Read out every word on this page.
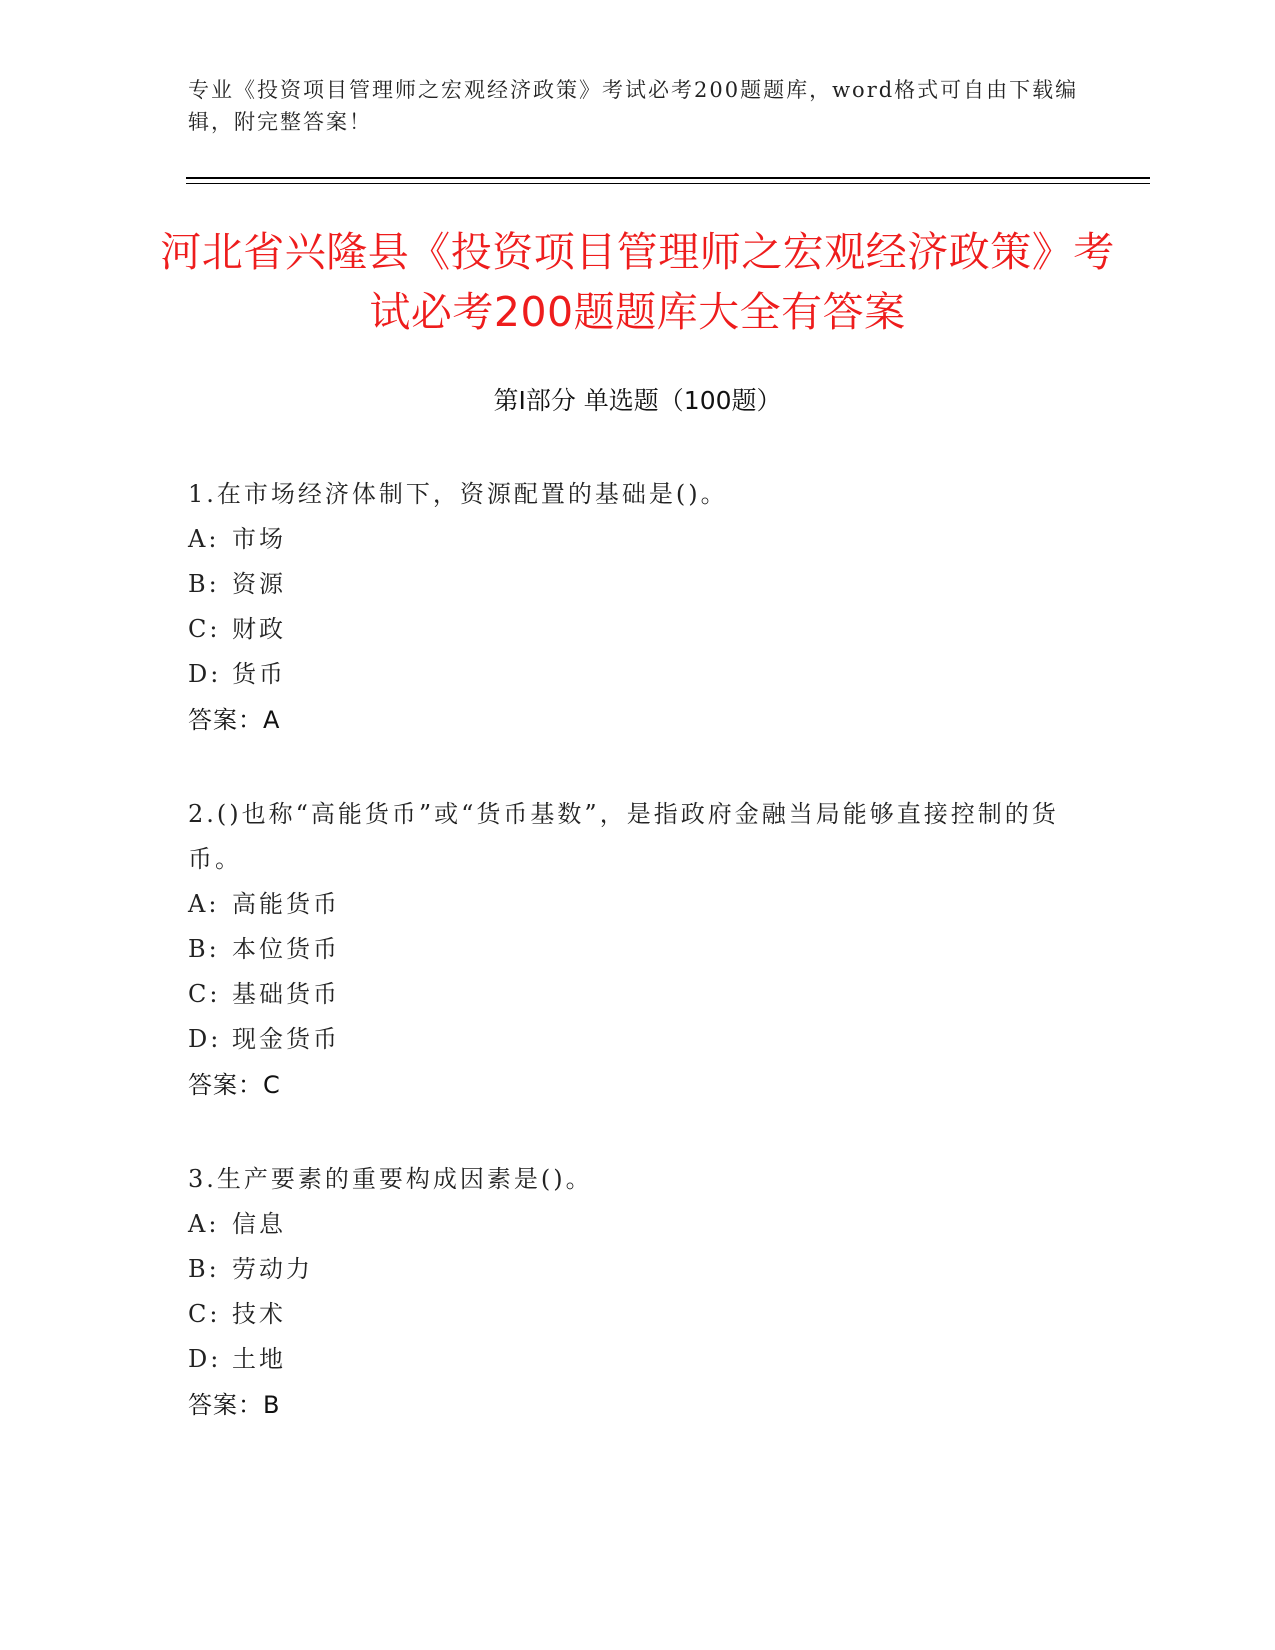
专业《投资项目管理师之宏观经济政策》考试必考200题题库，word格式可自由下载编辑，附完整答案！
河北省兴隆县《投资项目管理师之宏观经济政策》考试必考200题题库大全有答案
第Ⅰ部分 单选题（100题）

1.在市场经济体制下，资源配置的基础是()。

A: 市场

B: 资源

C: 财政

D: 货币

答案：A

2.()也称“高能货币”或“货币基数”，是指政府金融当局能够直接控制的货币。

A: 高能货币

B: 本位货币

C: 基础货币

D: 现金货币

答案：C

3.生产要素的重要构成因素是()。

A: 信息

B: 劳动力

C: 技术

D: 土地

答案：B
